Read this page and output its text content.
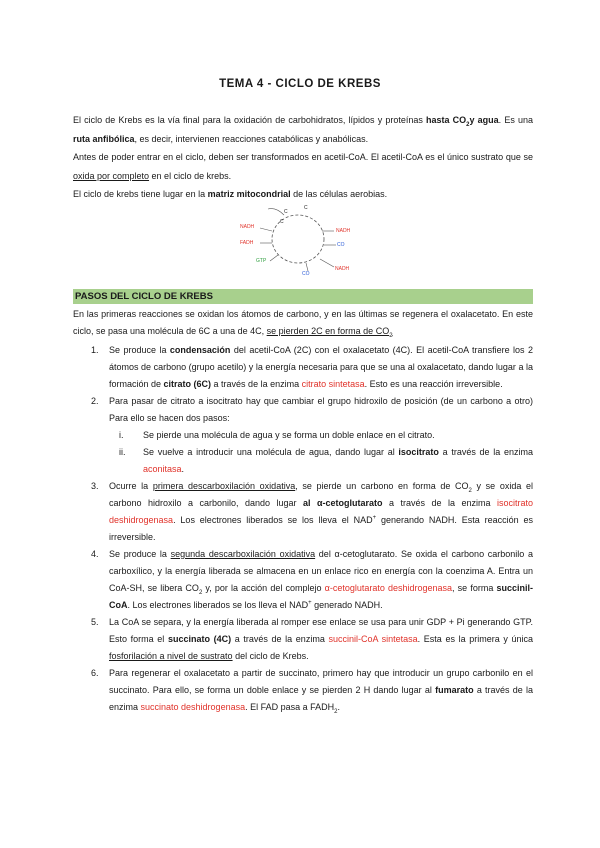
TEMA 4 - CICLO DE KREBS

El ciclo de Krebs es la vía final para la oxidación de carbohidratos, lípidos y proteínas hasta $CO_2y$ agua. Es una ruta anfibólica, es decir, intervienen reacciones catabólicas y anabólicas.

Antes de poder entrar en el ciclo, deben ser transformados en acetil-CoA. El acetil-CoA es el único sustrato que se oxida por completo en el ciclo de krebs.

El ciclo de krebs tiene lugar en la matriz mitocondrial de las células aerobias.

C
C
C
NADH
FADH
GTP
CO
NADH
CO
NADH
PASOS DEL CICLO DE KREBS
En las primeras reacciones se oxidan los átomos de carbono, y en las últimas se regenera el oxalacetato. En este ciclo, se pasa una molécula de 6C a una de 4C, se pierden 2C en forma de $CO_2$
1. Se produce la condensación del acetil-CoA (2C) con el oxalacetato (4C). El acetil-CoA transfiere los 2 átomos de carbono (grupo acetilo) y la energía necesaria para que se una al oxalacetato, dando lugar a la formación de citrato (6C) a través de la enzima citrato sintetasa. Esto es una reacción irreversible.
2. Para pasar de citrato a isocitrato hay que cambiar el grupo hidroxilo de posición (de un carbono a otro) Para ello se hacen dos pasos:
i. Se pierde una molécula de agua y se forma un doble enlace en el citrato.
ii. Se vuelve a introducir una molécula de agua, dando lugar al isocitrato a través de la enzima aconitasa.
3. Ocurre la primera descarboxilación oxidativa, se pierde un carbono en forma de $CO_2$ y se oxida el carbono hidroxilo a carbonilo, dando lugar al α-cetoglutarato a través de la enzima isocitrato deshidrogenasa. Los electrones liberados se los lleva el NAD+ generando NADH. Esta reacción es irreversible.
4. Se produce la segunda descarboxilación oxidativa del α-cetoglutarato. Se oxida el carbono carbonilo a carboxílico, y la energía liberada se almacena en un enlace rico en energía con la coenzima A. Entra un CoA-SH, se libera $CO_2$ y, por la acción del complejo α-cetoglutarato deshidrogenasa, se forma succinil-CoA. Los electrones liberados se los lleva el NAD+ generado NADH.
5. La CoA se separa, y la energía liberada al romper ese enlace se usa para unir GDP + Pi generando GTP. Esto forma el succinato (4C) a través de la enzima succinil-CoA sintetasa. Esta es la primera y única fosforilación a nivel de sustrato del ciclo de Krebs.
6. Para regenerar el oxalacetato a partir de succinato, primero hay que introducir un grupo carbonilo en el succinato. Para ello, se forma un doble enlace y se pierden 2 H dando lugar al fumarato a través de la enzima succinato deshidrogenasa. El FAD pasa a $FADH_2$.
